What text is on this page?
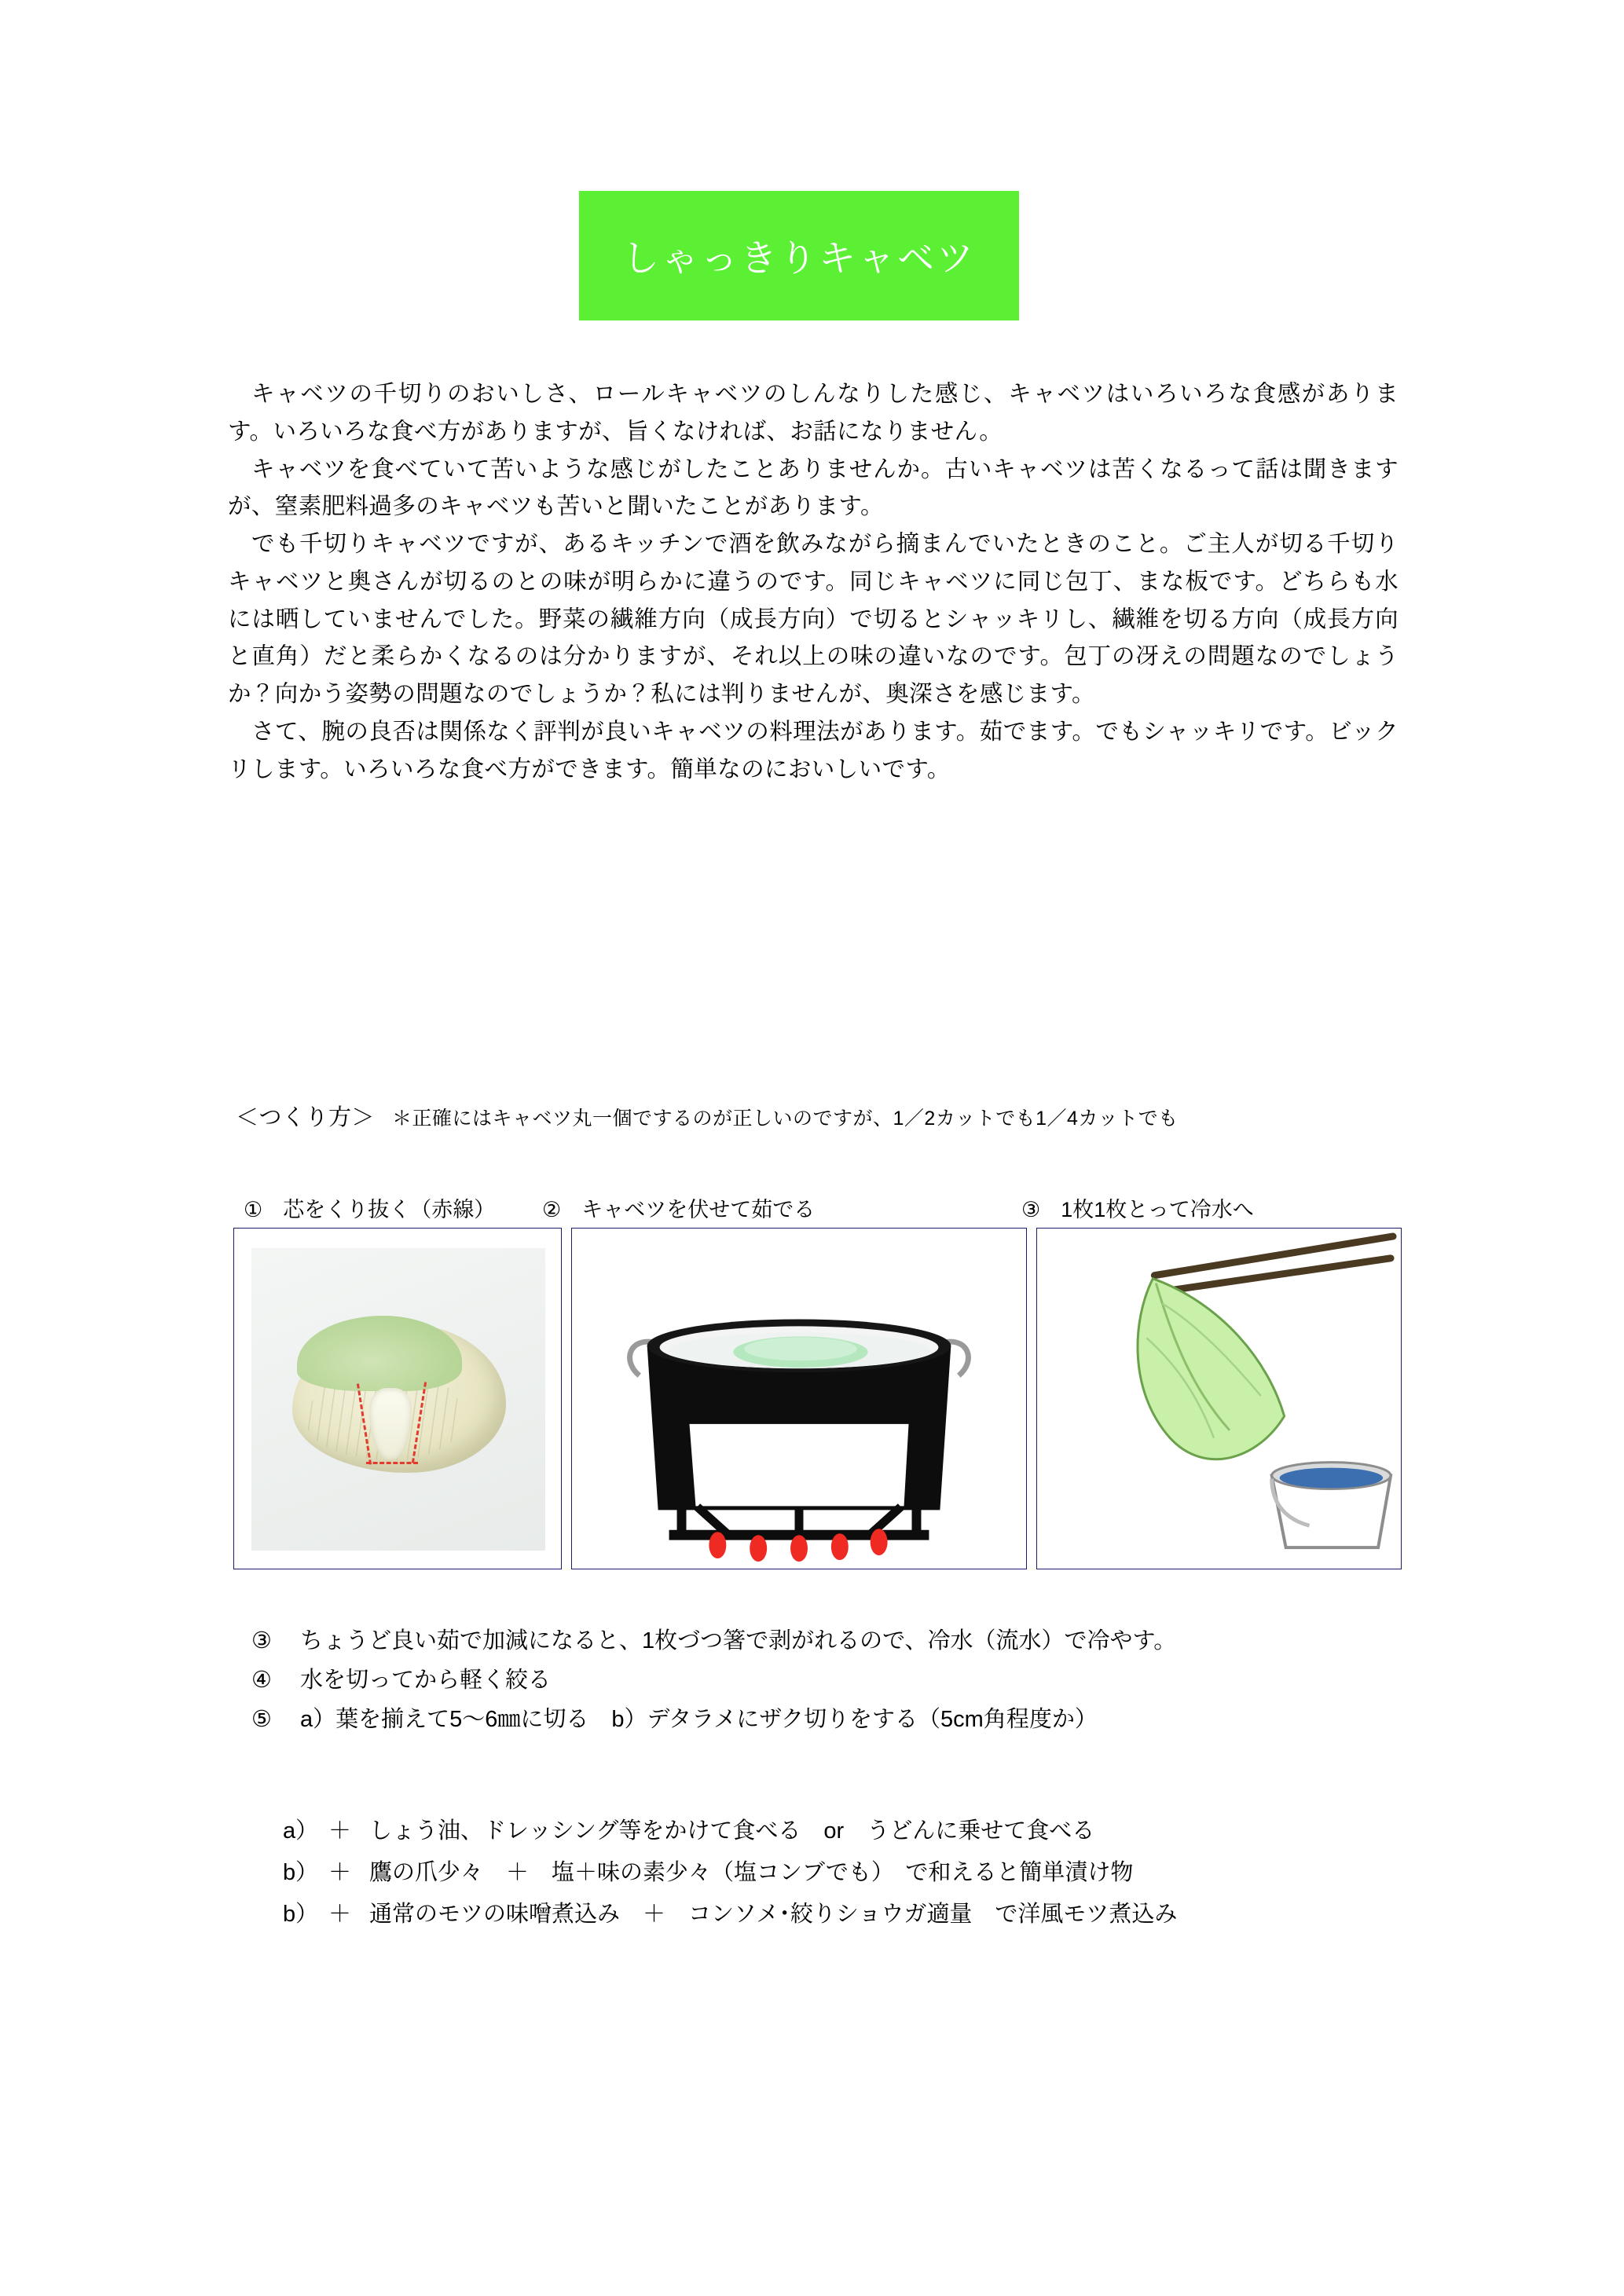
しゃっきりキャベツ

キャベツの千切りのおいしさ、ロールキャベツのしんなりした感じ、キャベツはいろいろな食感があります。いろいろな食べ方がありますが、旨くなければ、お話になりません。

キャベツを食べていて苦いような感じがしたことありませんか。古いキャベツは苦くなるって話は聞きますが、窒素肥料過多のキャベツも苦いと聞いたことがあります。

でも千切りキャベツですが、あるキッチンで酒を飲みながら摘まんでいたときのこと。ご主人が切る千切りキャベツと奥さんが切るのとの味が明らかに違うのです。同じキャベツに同じ包丁、まな板です。どちらも水には晒していませんでした。野菜の繊維方向（成長方向）で切るとシャッキリし、繊維を切る方向（成長方向と直角）だと柔らかくなるのは分かりますが、それ以上の味の違いなのです。包丁の冴えの問題なのでしょうか？向かう姿勢の問題なのでしょうか？私には判りませんが、奥深さを感じます。

さて、腕の良否は関係なく評判が良いキャベツの料理法があります。茹でます。でもシャッキリです。ビックリします。いろいろな食べ方ができます。簡単なのにおいしいです。

＜つくり方＞ ＊正確にはキャベツ丸一個でするのが正しいのですが、1／2カットでも1／4カットでも
① 芯をくり抜く（赤線） ② キャベツを伏せて茹でる	③ 1枚1枚とって冷水へ
③ ちょうど良い茹で加減になると、1枚づつ箸で剥がれるので、冷水（流水）で冷やす。
④ 水を切ってから軽く絞る
⑤ a）葉を揃えて5～6㎜に切る　b）デタラメにザク切りをする（5cm角程度か）
a） ＋ しょう油、ドレッシング等をかけて食べる　or　うどんに乗せて食べる
b） ＋ 鷹の爪少々　＋　塩＋味の素少々（塩コンブでも）　で和えると簡単漬け物
b） ＋ 通常のモツの味噌煮込み　＋　コンソメ･絞りショウガ適量　で洋風モツ煮込み
